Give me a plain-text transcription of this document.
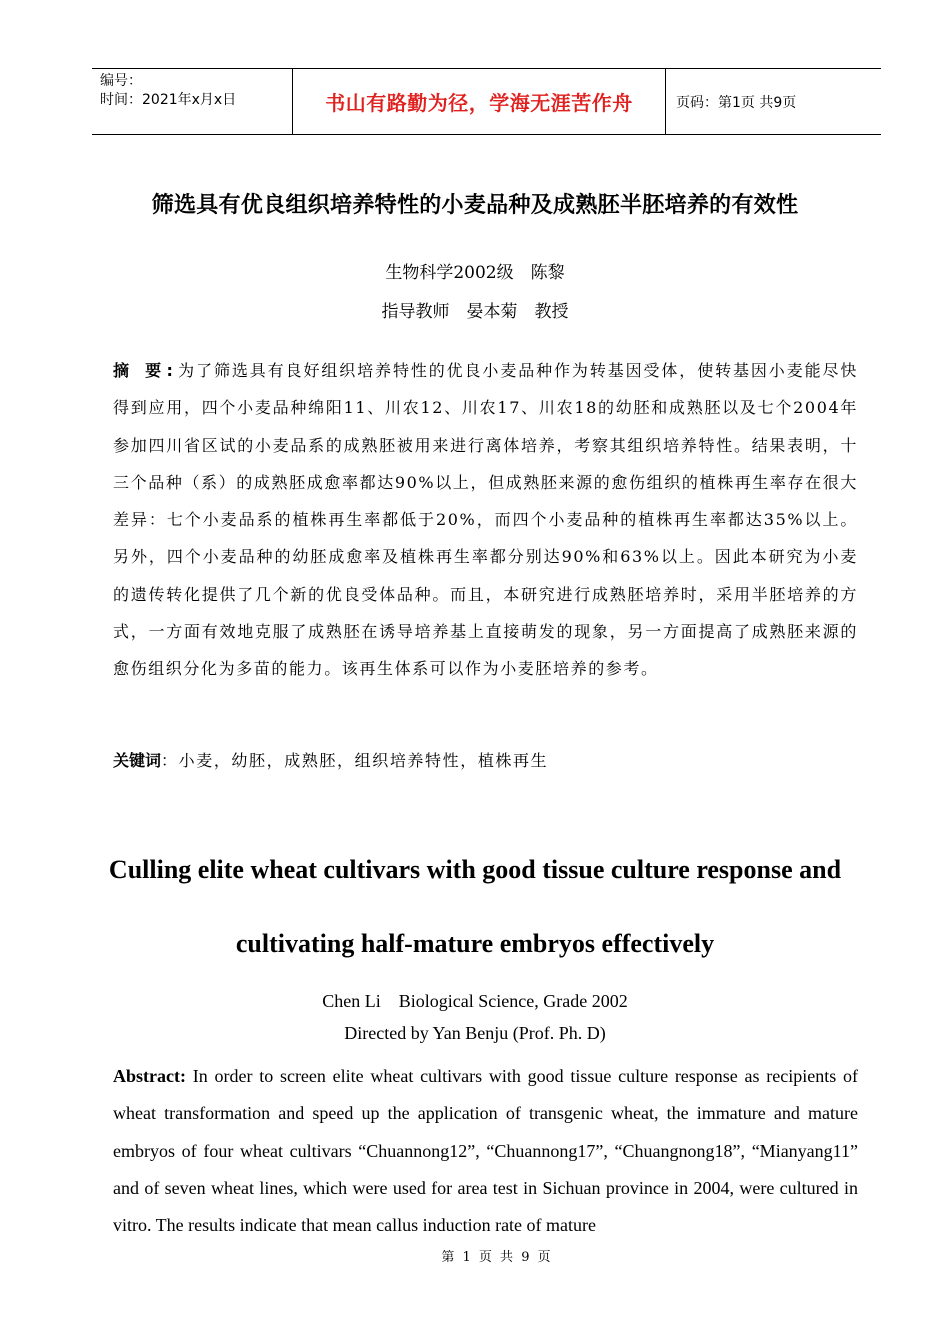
编号：
时间：2021年x月x日	书山有路勤为径，学海无涯苦作舟	页码：第1页 共9页
筛选具有优良组织培养特性的小麦品种及成熟胚半胚培养的有效性
生物科学2002级　陈黎
指导教师　晏本菊　教授
摘 要:为了筛选具有良好组织培养特性的优良小麦品种作为转基因受体，使转基因小麦能尽快得到应用，四个小麦品种绵阳11、川农12、川农17、川农18的幼胚和成熟胚以及七个2004年参加四川省区试的小麦品系的成熟胚被用来进行离体培养，考察其组织培养特性。结果表明，十三个品种（系）的成熟胚成愈率都达90%以上，但成熟胚来源的愈伤组织的植株再生率存在很大差异：七个小麦品系的植株再生率都低于20%，而四个小麦品种的植株再生率都达35%以上。另外，四个小麦品种的幼胚成愈率及植株再生率都分别达90%和63%以上。因此本研究为小麦的遗传转化提供了几个新的优良受体品种。而且，本研究进行成熟胚培养时，采用半胚培养的方式，一方面有效地克服了成熟胚在诱导培养基上直接萌发的现象，另一方面提高了成熟胚来源的愈伤组织分化为多苗的能力。该再生体系可以作为小麦胚培养的参考。
关键词：小麦，幼胚，成熟胚，组织培养特性，植株再生
Culling elite wheat cultivars with good tissue culture response and
cultivating half-mature embryos effectively
Chen Li　Biological Science, Grade 2002
Directed by Yan Benju (Prof. Ph. D)
Abstract: In order to screen elite wheat cultivars with good tissue culture response as recipients of wheat transformation and speed up the application of transgenic wheat, the immature and mature embryos of four wheat cultivars “Chuannong12”, “Chuannong17”, “Chuangnong18”, “Mianyang11” and of seven wheat lines, which were used for area test in Sichuan province in 2004, were cultured in vitro. The results indicate that mean callus induction rate of mature
第 1 页 共 9 页
